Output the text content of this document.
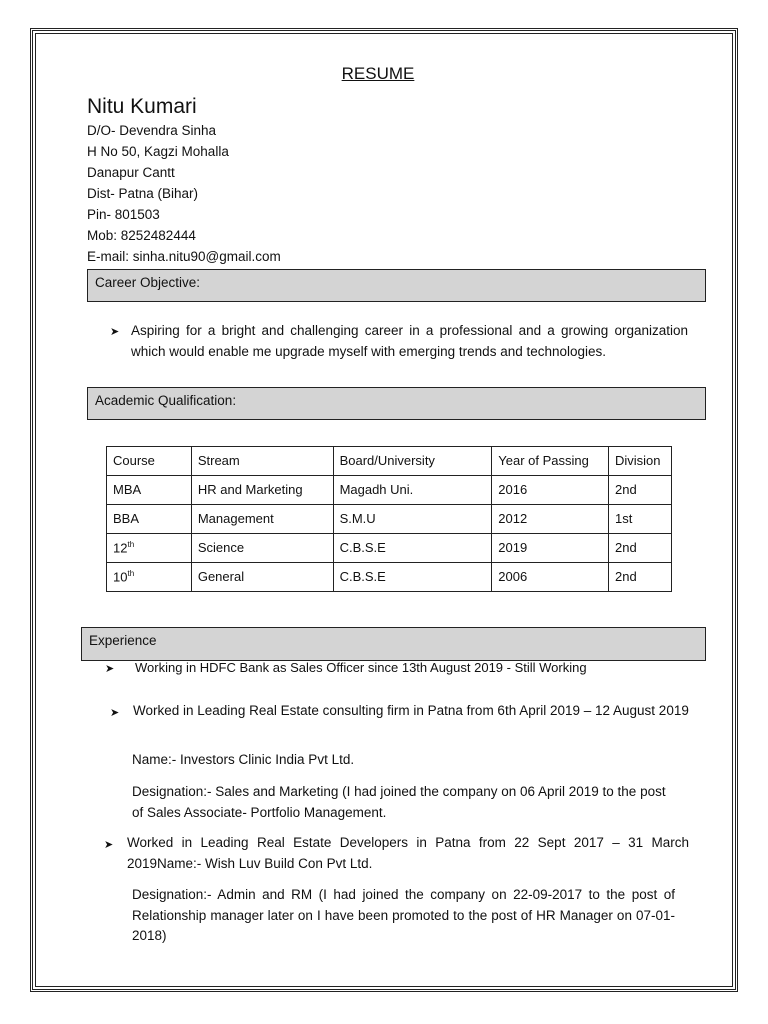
RESUME
Nitu Kumari
D/O- Devendra Sinha
H No 50, Kagzi Mohalla
Danapur Cantt
Dist- Patna (Bihar)
Pin- 801503
Mob: 8252482444
E-mail: sinha.nitu90@gmail.com
Career Objective:
➤ Aspiring for a bright and challenging career in a professional and a growing organization which would enable me upgrade myself with emerging trends and technologies.
Academic Qualification:
Course	Stream	Board/University	Year of Passing	Division
MBA	HR and Marketing	Magadh Uni.	2016	2nd
BBA	Management	S.M.U	2012	1st
12th	Science	C.B.S.E	2019	2nd
10th	General	C.B.S.E	2006	2nd
Experience
➤ Working in HDFC Bank as Sales Officer since 13th August 2019 - Still Working
➤ Worked in Leading Real Estate consulting firm in Patna from 6th April 2019 – 12 August 2019
Name:- Investors Clinic India Pvt Ltd.
Designation:- Sales and Marketing (I had joined the company on 06 April 2019 to the post of Sales Associate- Portfolio Management.
➤ Worked in Leading Real Estate Developers in Patna from 22 Sept 2017 – 31 March 2019Name:- Wish Luv Build Con Pvt Ltd.
Designation:- Admin and RM (I had joined the company on 22-09-2017 to the post of Relationship manager later on I have been promoted to the post of HR Manager on 07-01-2018)
